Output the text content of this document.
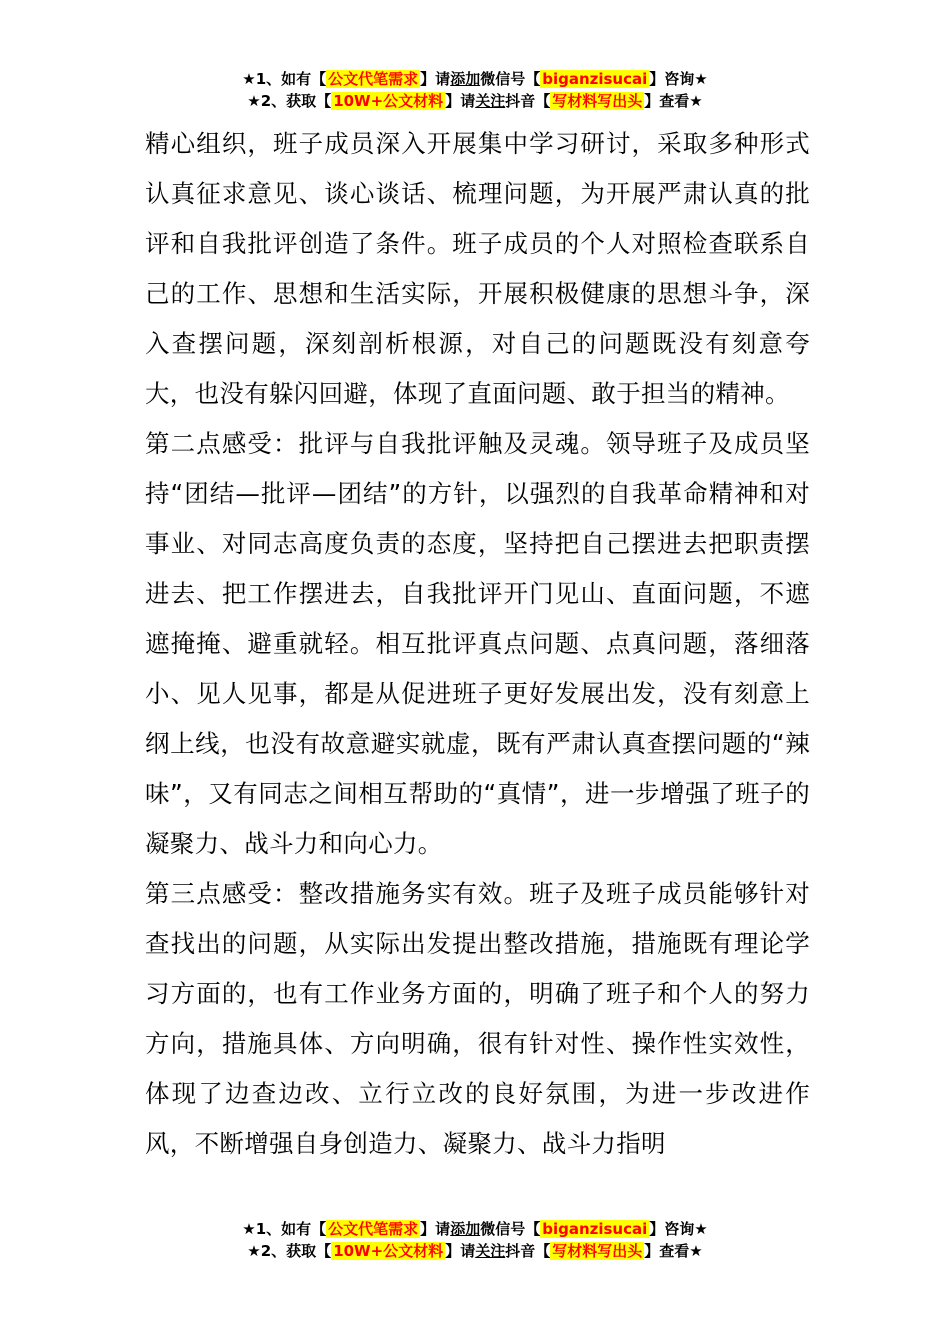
★1、如有【 公文代笔需求 】请添加微信号【 biganzisucai 】咨询★
★2、获取【 10W+公文材料 】请关注抖音【 写材料写出头 】查看★

精心组织，班子成员深入开展集中学习研讨，采取多种形式认真征求意见、谈心谈话、梳理问题，为开展严肃认真的批评和自我批评创造了条件。班子成员的个人对照检查联系自己的工作、思想和生活实际，开展积极健康的思想斗争，深入查摆问题，深刻剖析根源，对自己的问题既没有刻意夸大，也没有躲闪回避，体现了直面问题、敢于担当的精神。

第二点感受：批评与自我批评触及灵魂。领导班子及成员坚持“团结—批评—团结”的方针，以强烈的自我革命精神和对事业、对同志高度负责的态度，坚持把自己摆进去把职责摆进去、把工作摆进去，自我批评开门见山、直面问题，不遮遮掩掩、避重就轻。相互批评真点问题、点真问题，落细落小、见人见事，都是从促进班子更好发展出发，没有刻意上纲上线，也没有故意避实就虚，既有严肃认真查摆问题的“辣味”，又有同志之间相互帮助的“真情”，进一步增强了班子的凝聚力、战斗力和向心力。

第三点感受：整改措施务实有效。班子及班子成员能够针对查找出的问题，从实际出发提出整改措施，措施既有理论学习方面的，也有工作业务方面的，明确了班子和个人的努力方向，措施具体、方向明确，很有针对性、操作性实效性，体现了边查边改、立行立改的良好氛围，为进一步改进作风，不断增强自身创造力、凝聚力、战斗力指明

★1、如有【 公文代笔需求 】请添加微信号【 biganzisucai 】咨询★
★2、获取【 10W+公文材料 】请关注抖音【 写材料写出头 】查看★
